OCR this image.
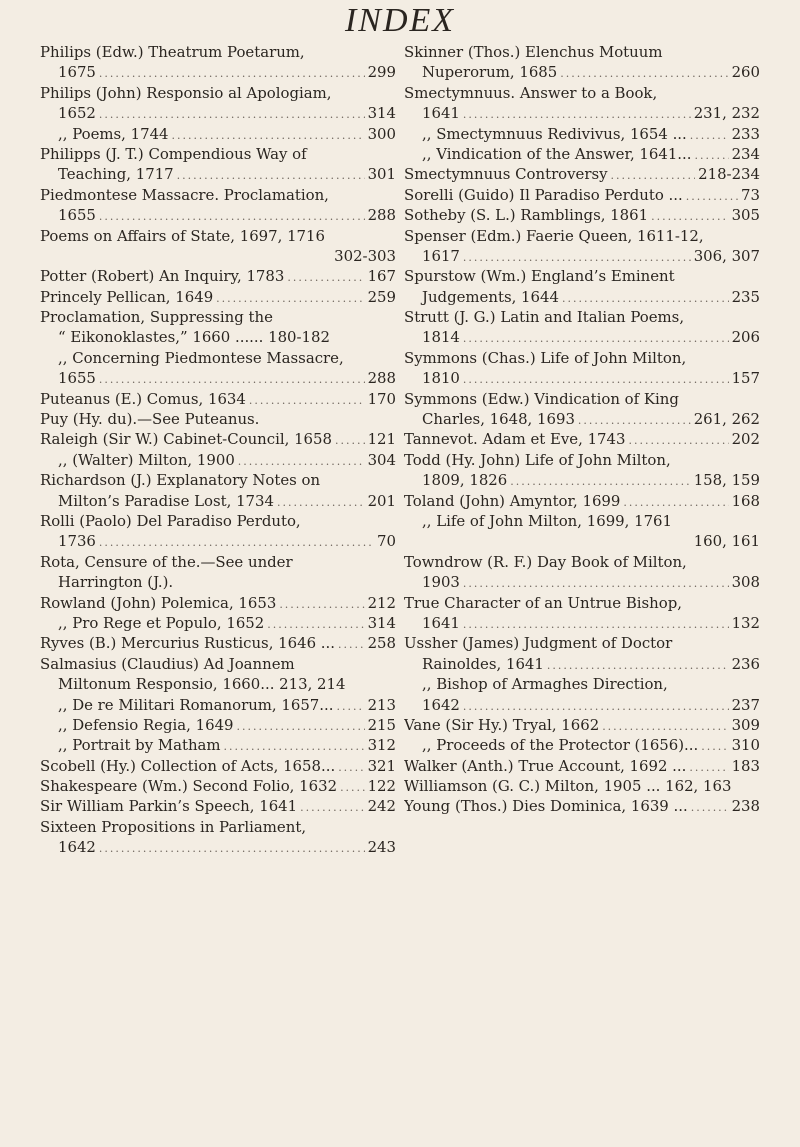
INDEX
Philips (Edw.) Theatrum Poetarum,
1675 .....	299
Philips (John) Responsio al Apologiam,
1652 .....	314
,, Poems, 1744 .....	300
Philipps (J. T.) Compendious Way of
Teaching, 1717 .....	301
Piedmontese Massacre. Proclamation,
1655 .....	288
Poems on Affairs of State, 1697, 1716
302-303
Potter (Robert) An Inquiry, 1783 .....	167
Princely Pellican, 1649 .....	259
Proclamation, Suppressing the
“ Eikonoklastes,” 1660 ...... 180-182
,, Concerning Piedmontese Massacre,
1655 .....	288
Puteanus (E.) Comus, 1634 .....	170
Puy (Hy. du).—See Puteanus.
Raleigh (Sir W.) Cabinet-Council, 1658 ..... 121
,, (Walter) Milton, 1900 .....	304
Richardson (J.) Explanatory Notes on
Milton’s Paradise Lost, 1734 .....	201
Rolli (Paolo) Del Paradiso Perduto,
1736 .....	70
Rota, Censure of the.—See under
Harrington (J.).
Rowland (John) Polemica, 1653 .....	212
,, Pro Rege et Populo, 1652 .....	314
Ryves (B.) Mercurius Rusticus, 1646 ... ..... 258
Salmasius (Claudius) Ad Joannem
Miltonum Responsio, 1660... 213, 214
,, De re Militari Romanorum, 1657... ..... 213
,, Defensio Regia, 1649 .....	215
,, Portrait by Matham .....	312
Scobell (Hy.) Collection of Acts, 1658... ..... 321
Shakespeare (Wm.) Second Folio, 1632 ..... 122
Sir William Parkin’s Speech, 1641 .....	242
Sixteen Propositions in Parliament,
1642 .....	243
Skinner (Thos.) Elenchus Motuum
Nuperorum, 1685 .....	260
Smectymnuus. Answer to a Book,
1641 .....	231, 232
,, Smectymnuus Redivivus, 1654 ... .....	233
,, Vindication of the Answer, 1641... .....	234
Smectymnuus Controversy .....	218-234
Sorelli (Guido) Il Paradiso Perduto ... .....	73
Sotheby (S. L.) Ramblings, 1861 .....	305
Spenser (Edm.) Faerie Queen, 1611-12,
1617 .....	306, 307
Spurstow (Wm.) England’s Eminent
Judgements, 1644 .....	235
Strutt (J. G.) Latin and Italian Poems,
1814 .....	206
Symmons (Chas.) Life of John Milton,
1810 .....	157
Symmons (Edw.) Vindication of King
Charles, 1648, 1693 .....	261, 262
Tannevot. Adam et Eve, 1743 .....	202
Todd (Hy. John) Life of John Milton,
1809, 1826 .....	158, 159
Toland (John) Amyntor, 1699 .....	168
,, Life of John Milton, 1699, 1761
160, 161
Towndrow (R. F.) Day Book of Milton,
1903 .....	308
True Character of an Untrue Bishop,
1641 .....	132
Ussher (James) Judgment of Doctor
Rainoldes, 1641 .....	236
,, Bishop of Armaghes Direction,
1642 .....	237
Vane (Sir Hy.) Tryal, 1662 .....	309
,, Proceeds of the Protector (1656)... ..... 310
Walker (Anth.) True Account, 1692 ... .....	183
Williamson (G. C.) Milton, 1905 ... 162, 163
Young (Thos.) Dies Dominica, 1639 ... .....	238
